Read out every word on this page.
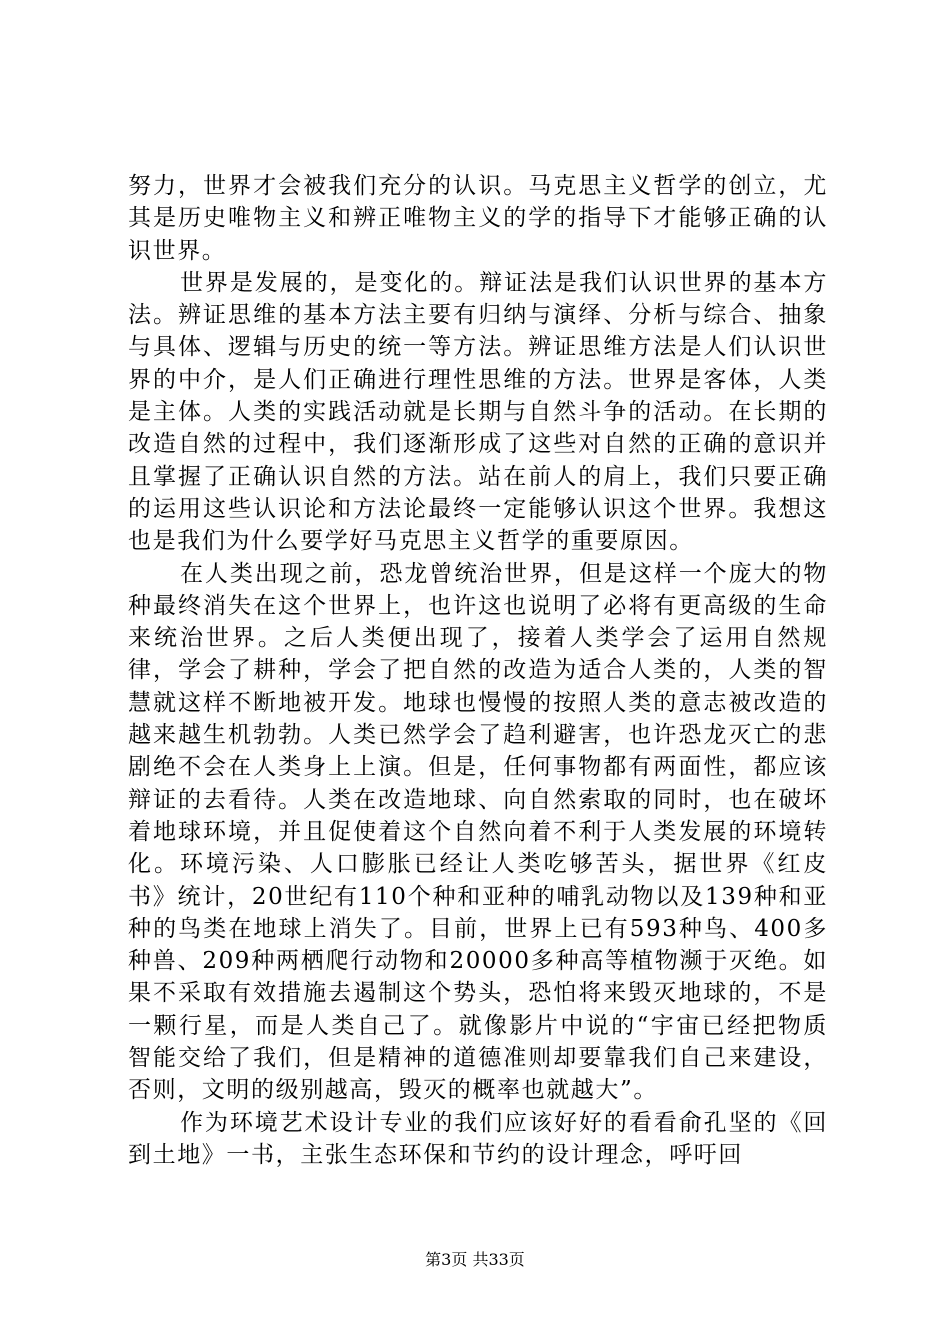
努力，世界才会被我们充分的认识。马克思主义哲学的创立，尤其是历史唯物主义和辨正唯物主义的学的指导下才能够正确的认识世界。

世界是发展的，是变化的。辩证法是我们认识世界的基本方法。辨证思维的基本方法主要有归纳与演绎、分析与综合、抽象与具体、逻辑与历史的统一等方法。辨证思维方法是人们认识世界的中介，是人们正确进行理性思维的方法。世界是客体，人类是主体。人类的实践活动就是长期与自然斗争的活动。在长期的改造自然的过程中，我们逐渐形成了这些对自然的正确的意识并且掌握了正确认识自然的方法。站在前人的肩上，我们只要正确的运用这些认识论和方法论最终一定能够认识这个世界。我想这也是我们为什么要学好马克思主义哲学的重要原因。

在人类出现之前，恐龙曾统治世界，但是这样一个庞大的物种最终消失在这个世界上，也许这也说明了必将有更高级的生命来统治世界。之后人类便出现了，接着人类学会了运用自然规律，学会了耕种，学会了把自然的改造为适合人类的，人类的智慧就这样不断地被开发。地球也慢慢的按照人类的意志被改造的越来越生机勃勃。人类已然学会了趋利避害，也许恐龙灭亡的悲剧绝不会在人类身上上演。但是，任何事物都有两面性，都应该辩证的去看待。人类在改造地球、向自然索取的同时，也在破坏着地球环境，并且促使着这个自然向着不利于人类发展的环境转化。环境污染、人口膨胀已经让人类吃够苦头，据世界《红皮书》统计，20世纪有110个种和亚种的哺乳动物以及139种和亚种的鸟类在地球上消失了。目前，世界上已有593种鸟、400多种兽、209种两栖爬行动物和20000多种高等植物濒于灭绝。如果不采取有效措施去遏制这个势头，恐怕将来毁灭地球的，不是一颗行星，而是人类自己了。就像影片中说的“宇宙已经把物质智能交给了我们，但是精神的道德准则却要靠我们自己来建设，否则，文明的级别越高，毁灭的概率也就越大”。

作为环境艺术设计专业的我们应该好好的看看俞孔坚的《回到土地》一书，主张生态环保和节约的设计理念，呼吁回

第3页 共33页
